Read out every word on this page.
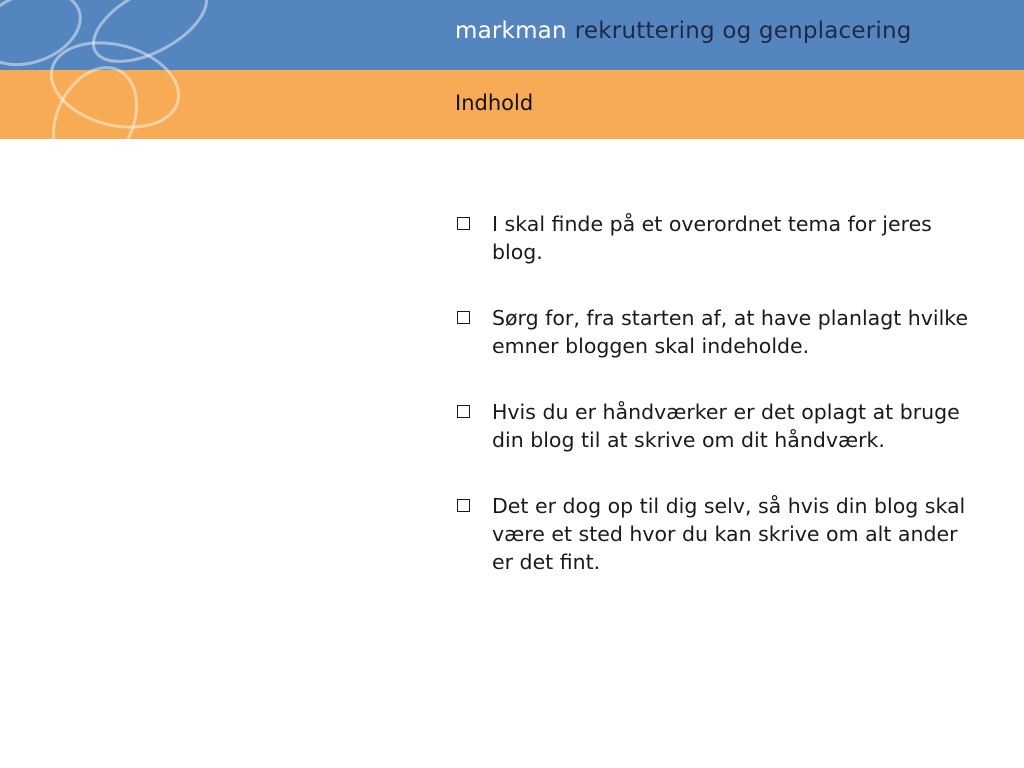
markman rekruttering og genplacering
Indhold
I skal finde på et overordnet tema for jeres blog.
Sørg for, fra starten af, at have planlagt hvilke emner bloggen skal indeholde.
Hvis du er håndværker er det oplagt at bruge din blog til at skrive om dit håndværk.
Det er dog op til dig selv, så hvis din blog skal være et sted hvor du kan skrive om alt ander er det fint.
